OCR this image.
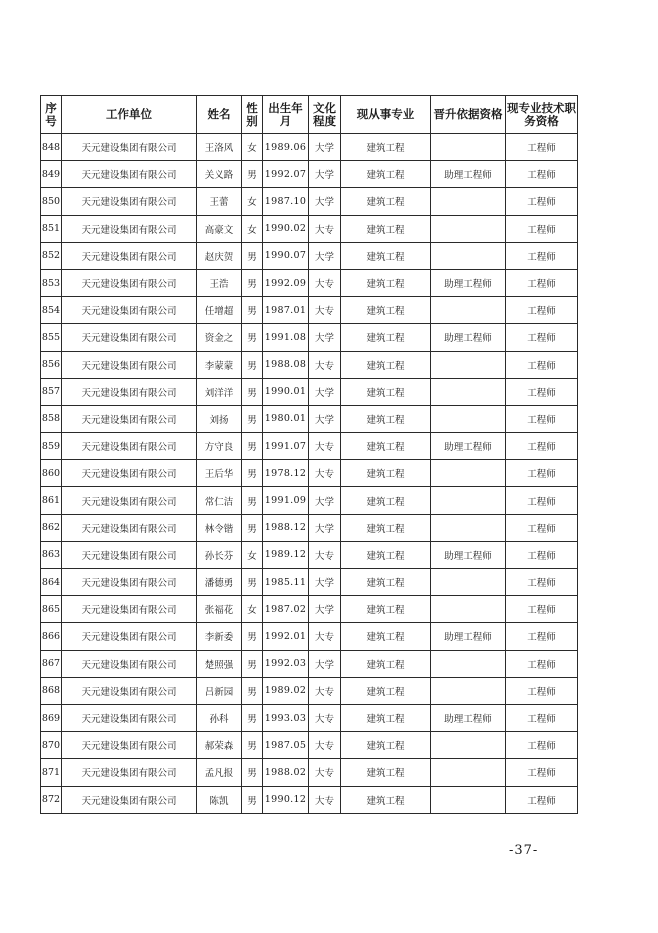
序号	工作单位	姓名	性别	出生年月	文化程度	现从事专业	晋升依据资格	现专业技术职务资格
848	天元建设集团有限公司	王洛风	女	1989.06	大学	建筑工程		工程师
849	天元建设集团有限公司	关义路	男	1992.07	大学	建筑工程	助理工程师	工程师
850	天元建设集团有限公司	王蕾	女	1987.10	大学	建筑工程		工程师
851	天元建设集团有限公司	高豪文	女	1990.02	大专	建筑工程		工程师
852	天元建设集团有限公司	赵庆贺	男	1990.07	大学	建筑工程		工程师
853	天元建设集团有限公司	王浩	男	1992.09	大专	建筑工程	助理工程师	工程师
854	天元建设集团有限公司	任增超	男	1987.01	大专	建筑工程		工程师
855	天元建设集团有限公司	资金之	男	1991.08	大学	建筑工程	助理工程师	工程师
856	天元建设集团有限公司	李蒙蒙	男	1988.08	大专	建筑工程		工程师
857	天元建设集团有限公司	刘洋洋	男	1990.01	大学	建筑工程		工程师
858	天元建设集团有限公司	刘扬	男	1980.01	大学	建筑工程		工程师
859	天元建设集团有限公司	方守良	男	1991.07	大专	建筑工程	助理工程师	工程师
860	天元建设集团有限公司	王后华	男	1978.12	大专	建筑工程		工程师
861	天元建设集团有限公司	常仁洁	男	1991.09	大学	建筑工程		工程师
862	天元建设集团有限公司	林令锴	男	1988.12	大学	建筑工程		工程师
863	天元建设集团有限公司	孙长芬	女	1989.12	大专	建筑工程	助理工程师	工程师
864	天元建设集团有限公司	潘德勇	男	1985.11	大学	建筑工程		工程师
865	天元建设集团有限公司	张福花	女	1987.02	大学	建筑工程		工程师
866	天元建设集团有限公司	李新委	男	1992.01	大专	建筑工程	助理工程师	工程师
867	天元建设集团有限公司	楚照强	男	1992.03	大学	建筑工程		工程师
868	天元建设集团有限公司	吕新园	男	1989.02	大专	建筑工程		工程师
869	天元建设集团有限公司	孙科	男	1993.03	大专	建筑工程	助理工程师	工程师
870	天元建设集团有限公司	郝荣森	男	1987.05	大专	建筑工程		工程师
871	天元建设集团有限公司	孟凡报	男	1988.02	大专	建筑工程		工程师
872	天元建设集团有限公司	陈凯	男	1990.12	大专	建筑工程		工程师
-37-
